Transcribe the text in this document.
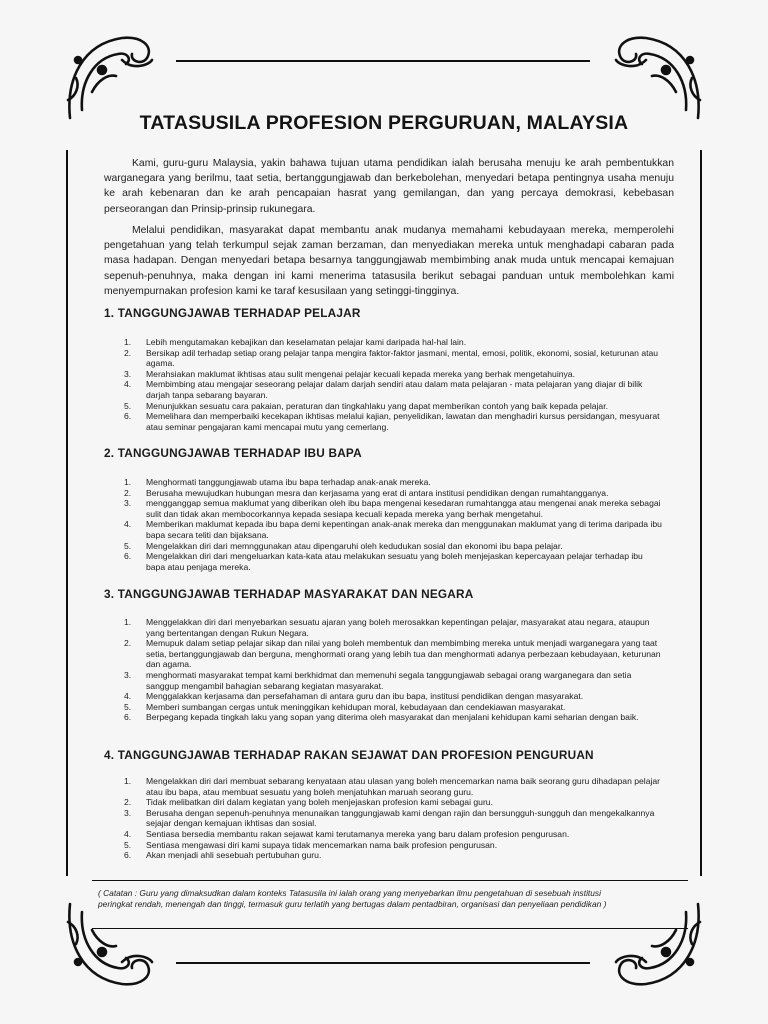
TATASUSILA PROFESION PERGURUAN, MALAYSIA

Kami, guru-guru Malaysia, yakin bahawa tujuan utama pendidikan ialah berusaha menuju ke arah pembentukkan warganegara yang berilmu, taat setia, bertanggungjawab dan berkebolehan, menyedari betapa pentingnya usaha menuju ke arah kebenaran dan ke arah pencapaian hasrat yang gemilangan, dan yang percaya demokrasi, kebebasan perseorangan dan Prinsip-prinsip rukunegara.

Melalui pendidikan, masyarakat dapat membantu anak mudanya memahami kebudayaan mereka, memperolehi pengetahuan yang telah terkumpul sejak zaman berzaman, dan menyediakan mereka untuk menghadapi cabaran pada masa hadapan. Dengan menyedari betapa besarnya tanggungjawab membimbing anak muda untuk mencapai kemajuan sepenuh-penuhnya, maka dengan ini kami menerima tatasusila berikut sebagai panduan untuk membolehkan kami menyempurnakan profesion kami ke taraf kesusilaan yang setinggi-tingginya.

1. TANGGUNGJAWAB TERHADAP PELAJAR
1. Lebih mengutamakan kebajikan dan keselamatan pelajar kami daripada hal-hal lain.
2. Bersikap adil terhadap setiap orang pelajar tanpa mengira faktor-faktor jasmani, mental, emosi, politik, ekonomi, sosial, keturunan atau agama.
3. Merahsiakan maklumat ikhtisas atau sulit mengenai pelajar kecuali kepada mereka yang berhak mengetahuinya.
4. Membimbing atau mengajar seseorang pelajar dalam darjah sendiri atau dalam mata pelajaran - mata pelajaran yang diajar di bilik darjah tanpa sebarang bayaran.
5. Menunjukkan sesuatu cara pakaian, peraturan dan tingkahlaku yang dapat memberikan contoh yang baik kepada pelajar.
6. Memelihara dan memperbaiki kecekapan ikhtisas melalui kajian, penyelidikan, lawatan dan menghadiri kursus persidangan, mesyuarat atau seminar pengajaran kami mencapai mutu yang cemerlang.
2. TANGGUNGJAWAB TERHADAP IBU BAPA
1. Menghormati tanggungjawab utama ibu bapa terhadap anak-anak mereka.
2. Berusaha mewujudkan hubungan mesra dan kerjasama yang erat di antara institusi pendidikan dengan rumahtangganya.
3. mengganggap semua maklumat yang diberikan oleh ibu bapa mengenai kesedaran rumahtangga atau mengenai anak mereka sebagai sulit dan tidak akan membocorkannya kepada sesiapa kecuali kepada mereka yang berhak mengetahui.
4. Memberikan maklumat kepada ibu bapa demi kepentingan anak-anak mereka dan menggunakan maklumat yang di terima daripada ibu bapa secara teliti dan bijaksana.
5. Mengelakkan diri dari memnggunakan atau dipengaruhi oleh kedudukan sosial dan ekonomi ibu bapa pelajar.
6. Mengelakkan diri dari mengeluarkan kata-kata atau melakukan sesuatu yang boleh menjejaskan kepercayaan pelajar terhadap ibu bapa atau penjaga mereka.
3. TANGGUNGJAWAB TERHADAP MASYARAKAT DAN NEGARA
1. Menggelakkan diri dari menyebarkan sesuatu ajaran yang boleh merosakkan kepentingan pelajar, masyarakat atau negara, ataupun yang bertentangan dengan Rukun Negara.
2. Memupuk dalam setiap pelajar sikap dan nilai yang boleh membentuk dan membimbing mereka untuk menjadi warganegara yang taat setia, bertanggungjawab dan berguna, menghormati orang yang lebih tua dan menghormati adanya perbezaan kebudayaan, keturunan dan agama.
3. menghormati masyarakat tempat kami berkhidmat dan memenuhi segala tanggungjawab sebagai orang warganegara dan setia sanggup mengambil bahagian sebarang kegiatan masyarakat.
4. Menggalakkan kerjasama dan persefahaman di antara guru dan ibu bapa, institusi pendidikan dengan masyarakat.
5. Memberi sumbangan cergas untuk meninggikan kehidupan moral, kebudayaan dan cendekiawan masyarakat.
6. Berpegang kepada tingkah laku yang sopan yang diterima oleh masyarakat dan menjalani kehidupan kami seharian dengan baik.
4. TANGGUNGJAWAB TERHADAP RAKAN SEJAWAT DAN PROFESION PENGURUAN
1. Mengelakkan diri dari membuat sebarang kenyataan atau ulasan yang boleh mencemarkan nama baik seorang guru dihadapan pelajar atau ibu bapa, atau membuat sesuatu yang boleh menjatuhkan maruah seorang guru.
2. Tidak melibatkan diri dalam kegiatan yang boleh menjejaskan profesion kami sebagai guru.
3. Berusaha dengan sepenuh-penuhnya menunaikan tanggungjawab kami dengan rajin dan bersungguh-sungguh dan mengekalkannya sejajar dengan kemajuan ikhtisas dan sosial.
4. Sentiasa bersedia membantu rakan sejawat kami terutamanya mereka yang baru dalam profesion pengurusan.
5. Sentiasa mengawasi diri kami supaya tidak mencemarkan nama baik profesion pengurusan.
6. Akan menjadi ahli sesebuah pertubuhan guru.
( Catatan : Guru yang dimaksudkan dalam konteks Tatasusila ini ialah orang yang menyebarkan ilmu pengetahuan di sesebuah institusi peringkat rendah, menengah dan tinggi, termasuk guru terlatih yang bertugas dalam pentadbiran, organisasi dan penyeliaan pendidikan )
